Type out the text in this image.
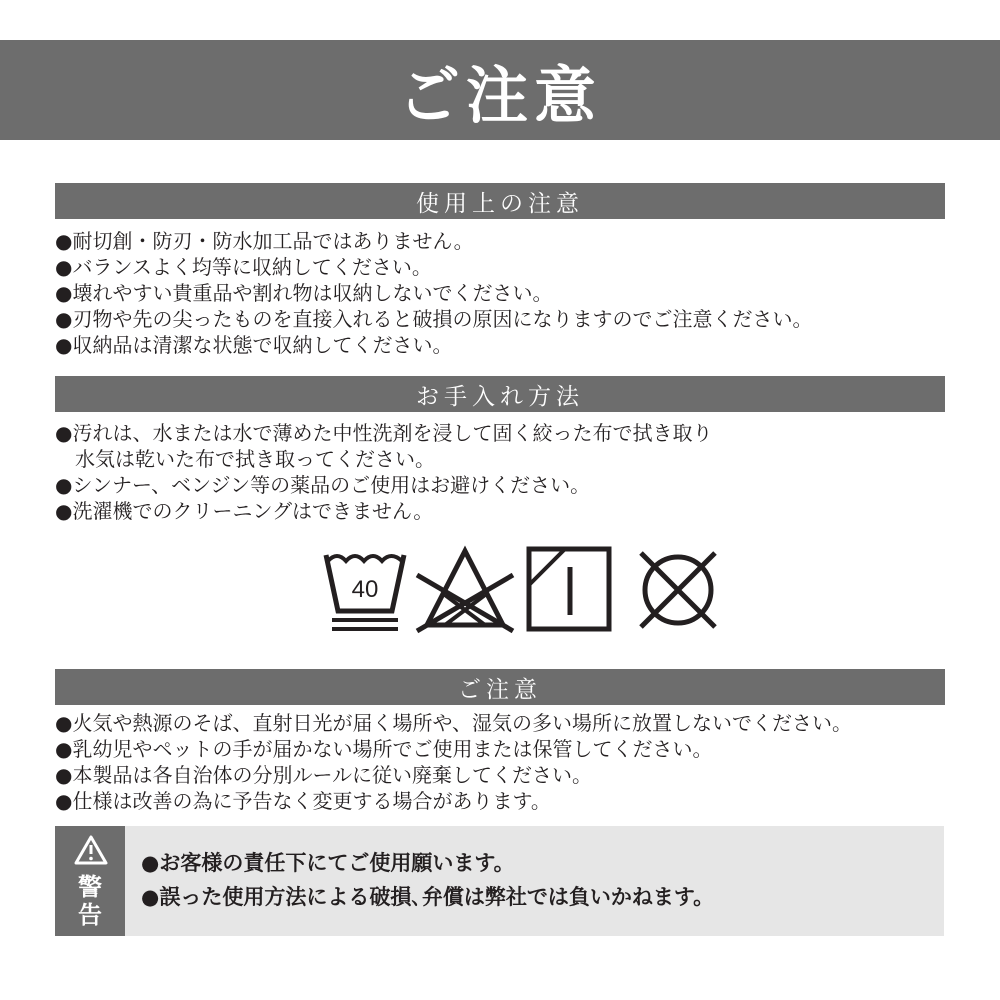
ご注意
使用上の注意
●耐切創・防刃・防水加工品ではありません。
●バランスよく均等に収納してください。
●壊れやすい貴重品や割れ物は収納しないでください。
●刃物や先の尖ったものを直接入れると破損の原因になりますのでご注意ください。
●収納品は清潔な状態で収納してください。
お手入れ方法
●汚れは、水または水で薄めた中性洗剤を浸して固く絞った布で拭き取り
　水気は乾いた布で拭き取ってください。
●シンナー、ベンジン等の薬品のご使用はお避けください。
●洗濯機でのクリーニングはできません。
40
ご注意
●火気や熱源のそば、直射日光が届く場所や、湿気の多い場所に放置しないでください。
●乳幼児やペットの手が届かない場所でご使用または保管してください。
●本製品は各自治体の分別ルールに従い廃棄してください。
●仕様は改善の為に予告なく変更する場合があります。
警
告
●お客様の責任下にてご使用願います。
●誤った使用方法による破損､弁償は弊社では負いかねます。
